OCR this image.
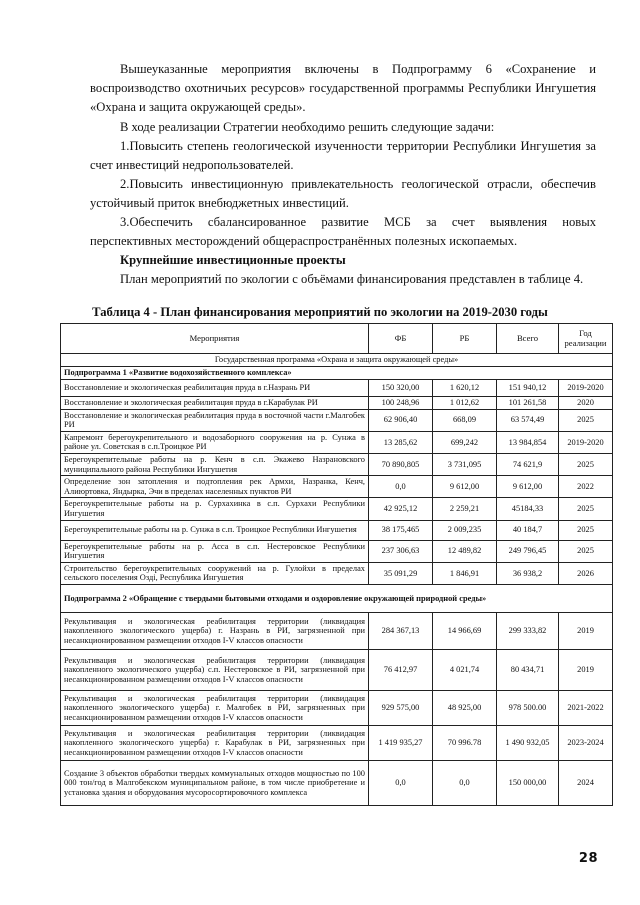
Вышеуказанные мероприятия включены в Подпрограмму 6 «Сохранение и воспроизводство охотничьих ресурсов» государственной программы Республики Ингушетия «Охрана и защита окружающей среды».

В ходе реализации Стратегии необходимо решить следующие задачи:

1.Повысить степень геологической изученности территории Республики Ингушетия за счет инвестиций недропользователей.

2.Повысить инвестиционную привлекательность геологической отрасли, обеспечив устойчивый приток внебюджетных инвестиций.

3.Обеспечить сбалансированное развитие МСБ за счет выявления новых перспективных месторождений общераспространённых полезных ископаемых.

Крупнейшие инвестиционные проекты

План мероприятий по экологии с объёмами финансирования представлен в таблице 4.

Таблица 4 - План финансирования мероприятий по экологии на 2019-2030 годы
Мероприятия	ФБ	РБ	Всего	Год реализации
Государственная программа «Охрана и защита окружающей среды»				
Подпрограмма 1 «Развитие водохозяйственного комплекса»				
Восстановление и экологическая реабилитация пруда в г.Назрань РИ	150 320,00	1 620,12	151 940,12	2019-2020
Восстановление и экологическая реабилитация пруда в г.Карабулак РИ	100 248,96	1 012,62	101 261,58	2020
Восстановление и экологическая реабилитация пруда в восточной части г.Малгобек РИ	62 906,40	668,09	63 574,49	2025
Капремонт берегоукрепительного и водозаборного сооружения на р. Сунжа в районе ул. Советская в с.п.Троицкое РИ	13 285,62	699,242	13 984,854	2019-2020
Берегоукрепительные работы на р. Кенч в с.п. Экажево Назрановского муниципального района Республики Ингушетия	70 890,805	3 731,095	74 621,9	2025
Определение зон затопления и подтопления рек Армхи, Назранка, Кенч, Алиюртовка, Яндырка, Эчи в пределах населенных пунктов РИ	0,0	9 612,00	9 612,00	2022
Берегоукрепительные работы на р. Сурхахинка в с.п. Сурхахи Республики Ингушетия	42 925,12	2 259,21	45184,33	2025
Берегоукрепительные работы на р. Сунжа в с.п. Троицкое Республики Ингушетия	38 175,465	2 009,235	40 184,7	2025
Берегоукрепительные работы на р. Асса в с.п. Нестеровское Республики Ингушетия	237 306,63	12 489,82	249 796,45	2025
Строительство берегоукрепительных сооружений на р. Гулойхи в пределах сельского поселения Оздi, Республика Ингушетия	35 091,29	1 846,91	36 938,2	2026
Подпрограмма 2 «Обращение с твердыми бытовыми отходами и оздоровление окружающей природной среды»				
Рекультивация и экологическая реабилитация территории (ликвидация накопленного экологического ущерба) г. Назрань в РИ, загрязненной при несанкционированном размещении отходов I-V классов опасности	284 367,13	14 966,69	299 333,82	2019
Рекультивация и экологическая реабилитация территории (ликвидация накопленного экологического ущерба) с.п. Нестеровское в РИ, загрязненной при несанкционированном размещении отходов I-V классов опасности	76 412,97	4 021,74	80 434,71	2019
Рекультивация и экологическая реабилитация территории (ликвидация накопленного экологического ущерба) г. Малгобек в РИ, загрязненных при несанкционированном размещении отходов I-V классов опасности	929 575,00	48 925,00	978 500.00	2021-2022
Рекультивация и экологическая реабилитация территории (ликвидация накопленного экологического ущерба) г. Карабулак в РИ, загрязненных при несанкционированном размещении отходов I-V классов опасности	1 419 935,27	70 996.78	1 490 932,05	2023-2024
Создание 3 объектов обработки твердых коммунальных отходов мощностью по 100 000 тон/год в Малгобекском муниципальном районе, в том числе приобретение и установка здания и оборудования мусоросортировочного комплекса	0,0	0,0	150 000,00	2024
28
